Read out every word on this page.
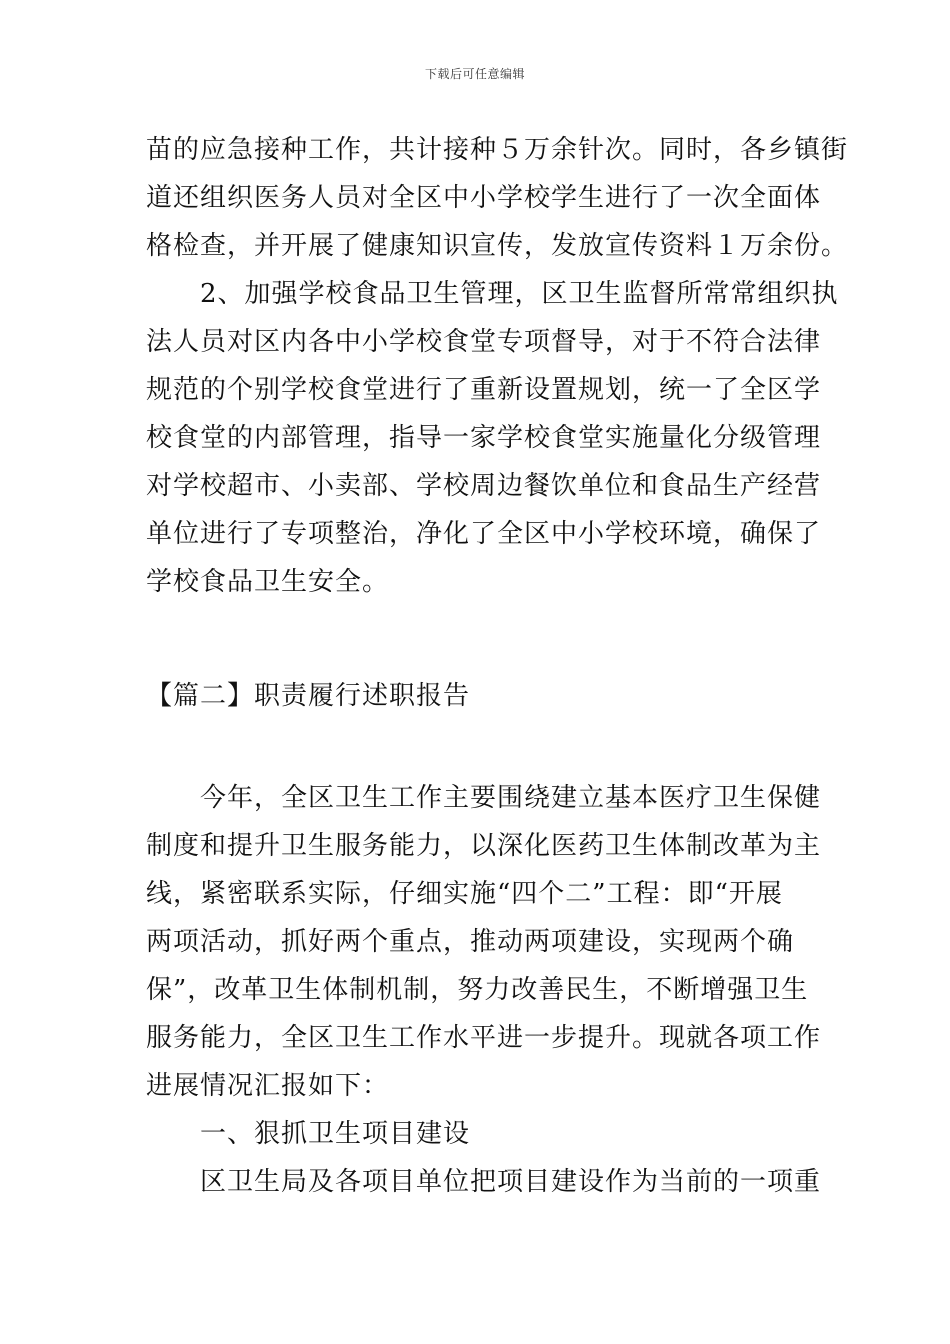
下载后可任意编辑
苗的应急接种工作，共计接种５万余针次。同时，各乡镇街
道还组织医务人员对全区中小学校学生进行了一次全面体
格检查，并开展了健康知识宣传，发放宣传资料１万余份。
　　2、加强学校食品卫生管理，区卫生监督所常常组织执
法人员对区内各中小学校食堂专项督导，对于不符合法律
规范的个别学校食堂进行了重新设置规划，统一了全区学
校食堂的内部管理，指导一家学校食堂实施量化分级管理
对学校超市、小卖部、学校周边餐饮单位和食品生产经营
单位进行了专项整治，净化了全区中小学校环境，确保了
学校食品卫生安全。
【篇二】职责履行述职报告
　　今年，全区卫生工作主要围绕建立基本医疗卫生保健
制度和提升卫生服务能力，以深化医药卫生体制改革为主
线，紧密联系实际，仔细实施“四个二”工程：即“开展
两项活动，抓好两个重点，推动两项建设，实现两个确
保”，改革卫生体制机制，努力改善民生，不断增强卫生
服务能力，全区卫生工作水平进一步提升。现就各项工作
进展情况汇报如下：
　　一、狠抓卫生项目建设
　　区卫生局及各项目单位把项目建设作为当前的一项重
